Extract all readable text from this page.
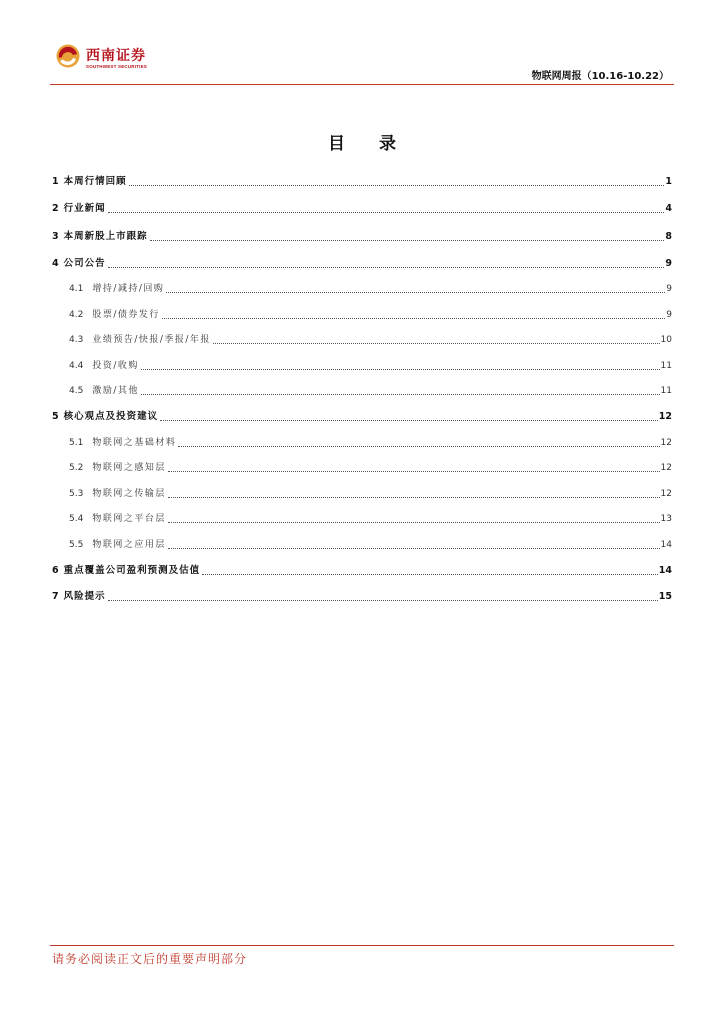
西南证券
SOUTHWEST SECURITIES
物联网周报（10.16-10.22）
目 录
1 本周行情回顾	1
2 行业新闻	4
3 本周新股上市跟踪	8
4 公司公告	9
4.1 增持/减持/回购	9
4.2 股票/债券发行	9
4.3 业绩预告/快报/季报/年报	10
4.4 投资/收购	11
4.5 激励/其他	11
5 核心观点及投资建议	12
5.1 物联网之基础材料	12
5.2 物联网之感知层	12
5.3 物联网之传输层	12
5.4 物联网之平台层	13
5.5 物联网之应用层	14
6 重点覆盖公司盈利预测及估值	14
7 风险提示	15
请务必阅读正文后的重要声明部分
